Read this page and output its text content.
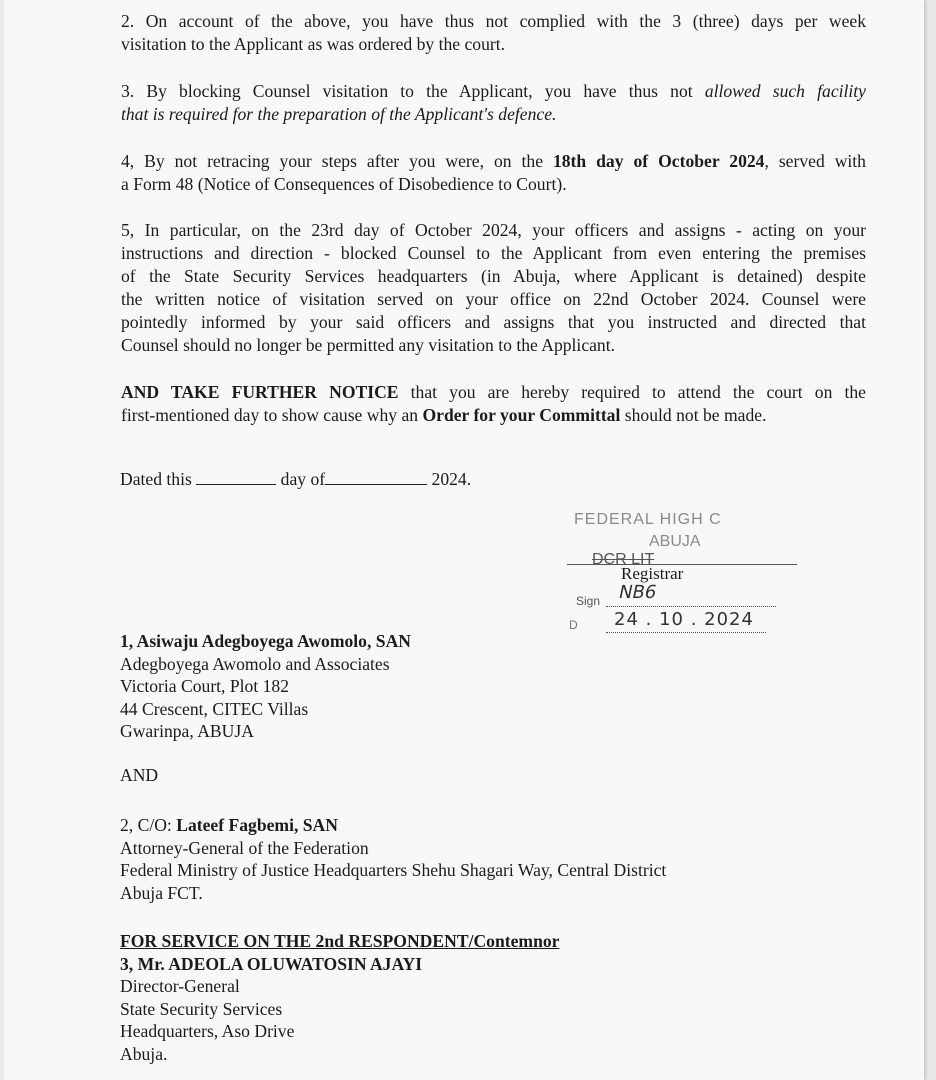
2. On account of the above, you have thus not complied with the 3 (three) days per week
visitation to the Applicant as was ordered by the court.
3. By blocking Counsel visitation to the Applicant, you have thus not allowed such facility
that is required for the preparation of the Applicant's defence.
4, By not retracing your steps after you were, on the 18th day of October 2024, served with
a Form 48 (Notice of Consequences of Disobedience to Court).
5, In particular, on the 23rd day of October 2024, your officers and assigns - acting on your
instructions and direction - blocked Counsel to the Applicant from even entering the premises
of the State Security Services headquarters (in Abuja, where Applicant is detained) despite
the written notice of visitation served on your office on 22nd October 2024. Counsel were
pointedly informed by your said officers and assigns that you instructed and directed that
Counsel should no longer be permitted any visitation to the Applicant.
AND TAKE FURTHER NOTICE that you are hereby required to attend the court on the
first-mentioned day to show cause why an Order for your Committal should not be made.
Dated this	day of	2024.
FEDERAL HIGH C
ABUJA
DCR LIT
Registrar
Sign NB6
D 24 . 10 . 2024
1, Asiwaju Adegboyega Awomolo, SAN
Adegboyega Awomolo and Associates
Victoria Court, Plot 182
44 Crescent, CITEC Villas
Gwarinpa, ABUJA
AND
2, C/O: Lateef Fagbemi, SAN
Attorney-General of the Federation
Federal Ministry of Justice Headquarters Shehu Shagari Way, Central District
Abuja FCT.
FOR SERVICE ON THE 2nd RESPONDENT/Contemnor
3, Mr. ADEOLA OLUWATOSIN AJAYI
Director-General
State Security Services
Headquarters, Aso Drive
Abuja.
